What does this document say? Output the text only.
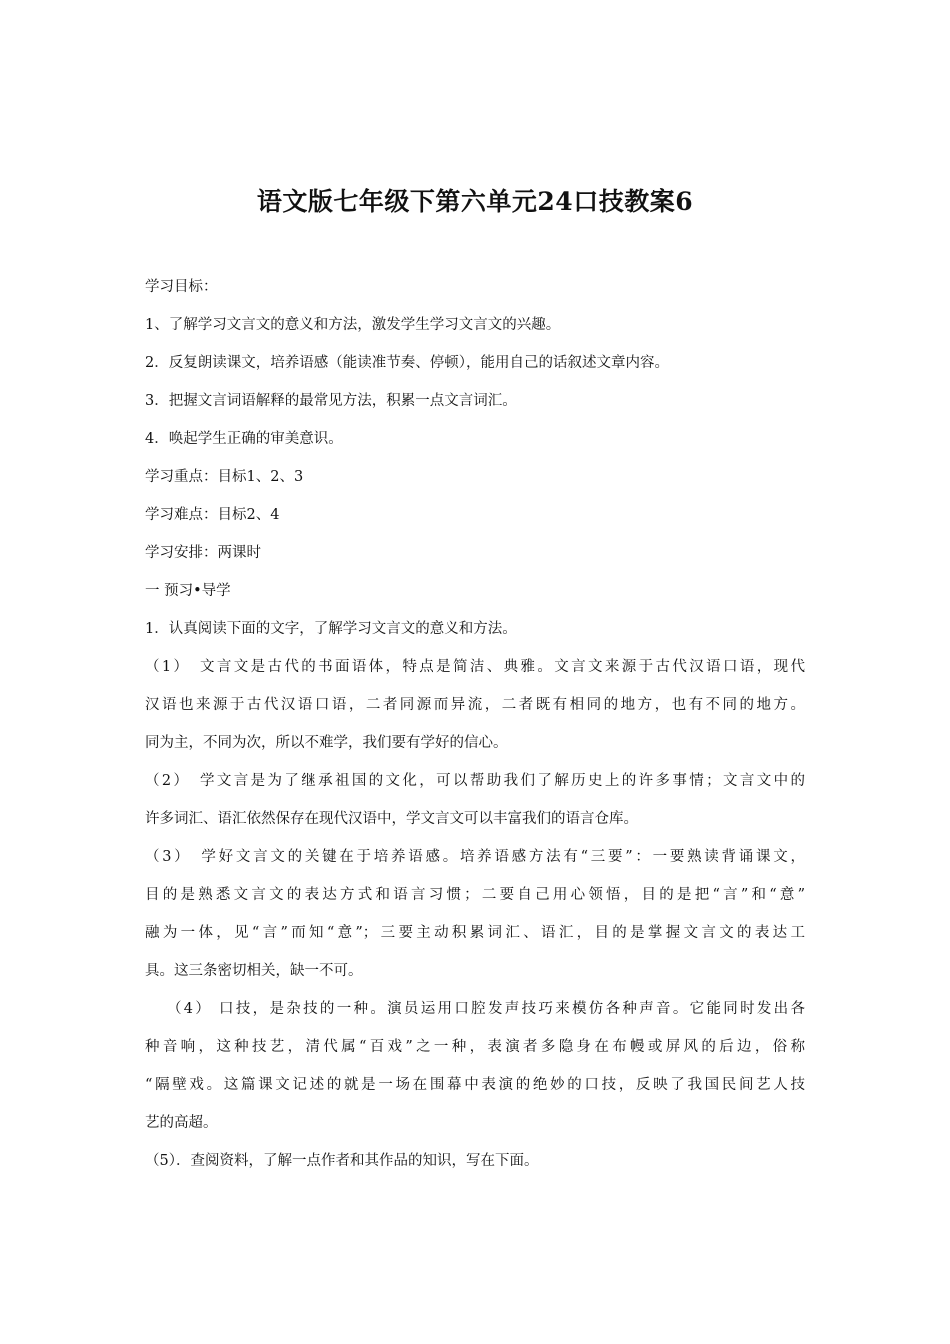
语文版七年级下第六单元24口技教案6
学习目标：
1、了解学习文言文的意义和方法，激发学生学习文言文的兴趣。
2．反复朗读课文，培养语感（能读准节奏、停顿），能用自己的话叙述文章内容。
3．把握文言词语解释的最常见方法，积累一点文言词汇。
4．唤起学生正确的审美意识。
学习重点：目标1、2、3
学习难点：目标2、4
学习安排：两课时
一 预习•导学
1．认真阅读下面的文字，了解学习文言文的意义和方法。
（1）　文言文是古代的书面语体，特点是简洁、典雅。文言文来源于古代汉语口语，现代
汉语也来源于古代汉语口语，二者同源而异流，二者既有相同的地方，也有不同的地方。
同为主，不同为次，所以不难学，我们要有学好的信心。
（2）　学文言是为了继承祖国的文化，可以帮助我们了解历史上的许多事情；文言文中的
许多词汇、语汇依然保存在现代汉语中，学文言文可以丰富我们的语言仓库。
（3）　学好文言文的关键在于培养语感。培养语感方法有“三要”：一要熟读背诵课文，
目的是熟悉文言文的表达方式和语言习惯；二要自己用心领悟，目的是把“言”和“意”
融为一体，见“言”而知“意”；三要主动积累词汇、语汇，目的是掌握文言文的表达工
具。这三条密切相关，缺一不可。
（4） 口技，是杂技的一种。演员运用口腔发声技巧来模仿各种声音。它能同时发出各
种音响，这种技艺，清代属“百戏”之一种，表演者多隐身在布幔或屏风的后边，俗称
“隔壁戏。这篇课文记述的就是一场在围幕中表演的绝妙的口技，反映了我国民间艺人技
艺的高超。
（5）．查阅资料，了解一点作者和其作品的知识，写在下面。
